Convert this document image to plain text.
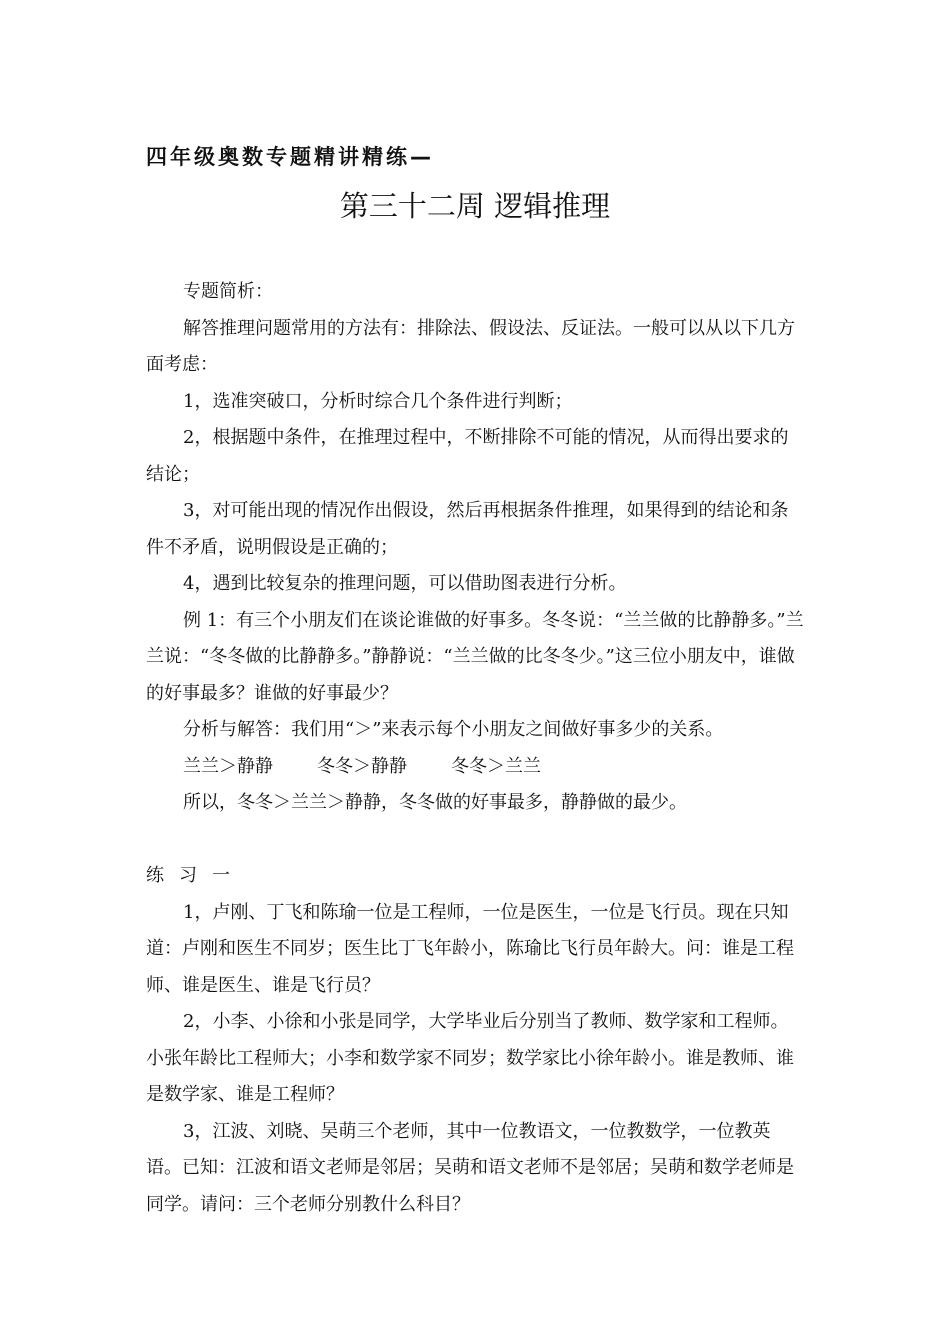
四年级奥数专题精讲精练—
第三十二周 逻辑推理

专题简析：

解答推理问题常用的方法有：排除法、假设法、反证法。一般可以从以下几方面考虑：

1，选准突破口，分析时综合几个条件进行判断；

2，根据题中条件，在推理过程中，不断排除不可能的情况，从而得出要求的结论；

3，对可能出现的情况作出假设，然后再根据条件推理，如果得到的结论和条件不矛盾，说明假设是正确的；

4，遇到比较复杂的推理问题，可以借助图表进行分析。

例 1：有三个小朋友们在谈论谁做的好事多。冬冬说：“兰兰做的比静静多。”兰兰说：“冬冬做的比静静多。”静静说：“兰兰做的比冬冬少。”这三位小朋友中，谁做的好事最多？谁做的好事最少？

分析与解答：我们用“＞”来表示每个小朋友之间做好事多少的关系。

兰兰＞静静 冬冬＞静静 冬冬＞兰兰

所以，冬冬＞兰兰＞静静，冬冬做的好事最多，静静做的最少。

练习一

1，卢刚、丁飞和陈瑜一位是工程师，一位是医生，一位是飞行员。现在只知道：卢刚和医生不同岁；医生比丁飞年龄小，陈瑜比飞行员年龄大。问：谁是工程师、谁是医生、谁是飞行员？

2，小李、小徐和小张是同学，大学毕业后分别当了教师、数学家和工程师。小张年龄比工程师大；小李和数学家不同岁；数学家比小徐年龄小。谁是教师、谁是数学家、谁是工程师？

3，江波、刘晓、吴萌三个老师，其中一位教语文，一位教数学，一位教英语。已知：江波和语文老师是邻居；吴萌和语文老师不是邻居；吴萌和数学老师是同学。请问：三个老师分别教什么科目？
